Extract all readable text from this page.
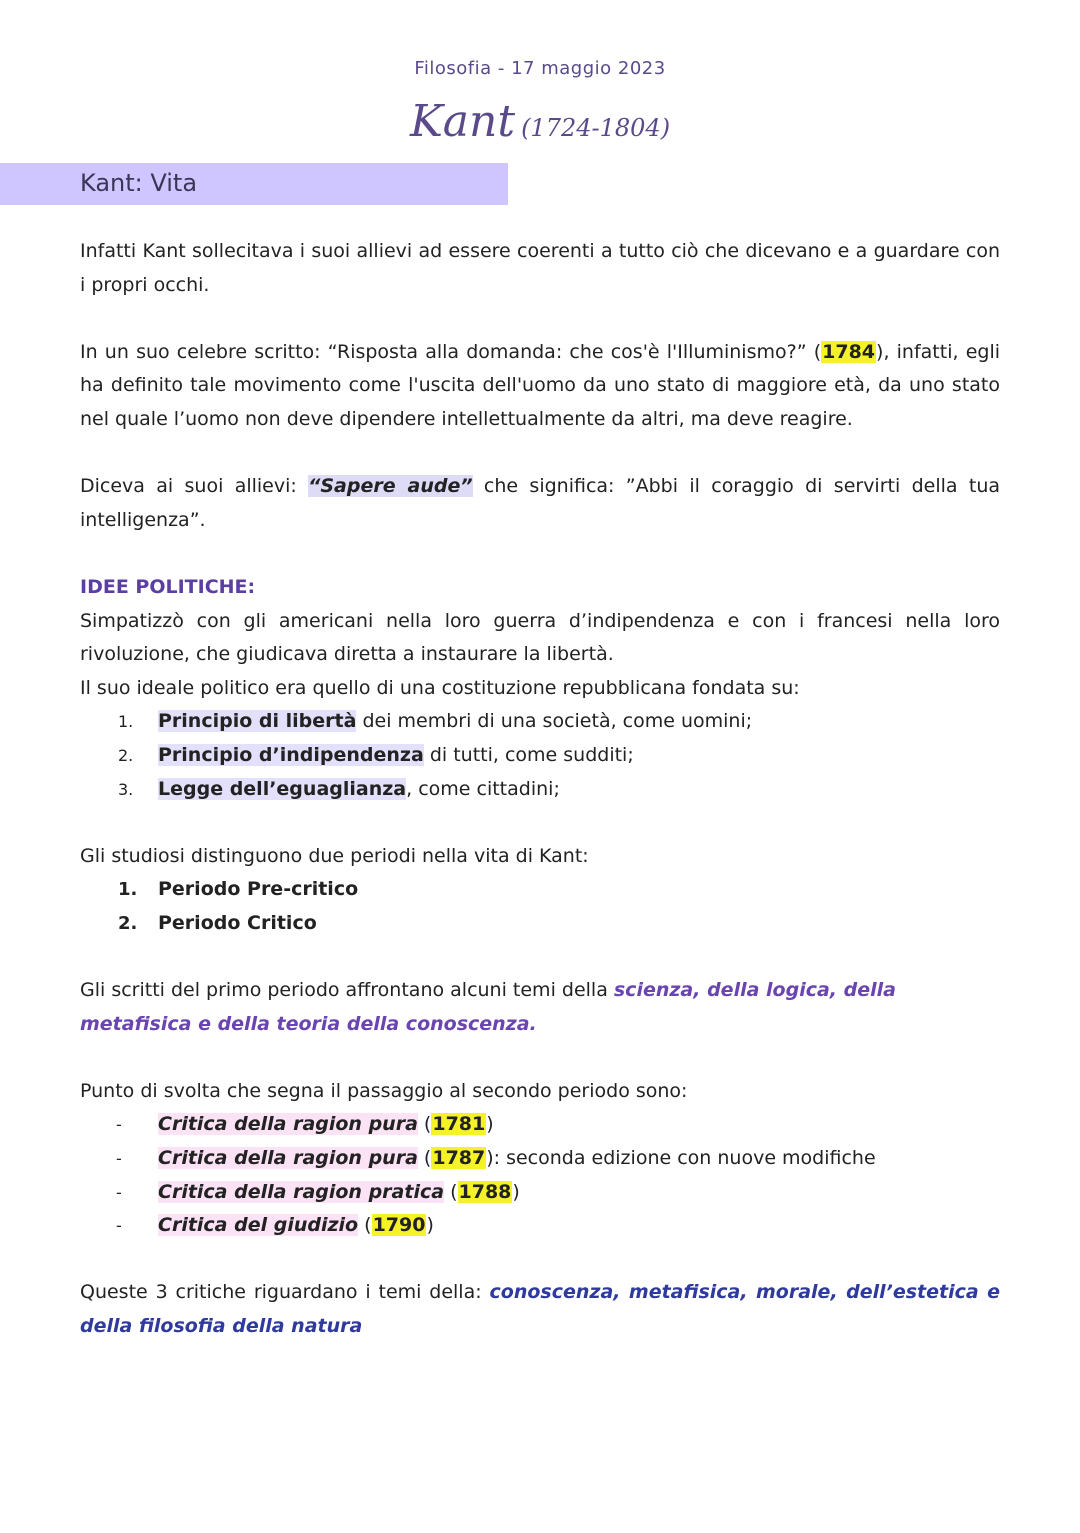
Filosofia - 17 maggio 2023
Kant (1724-1804)
Kant: Vita

Infatti Kant sollecitava i suoi allievi ad essere coerenti a tutto ciò che dicevano e a guardare con i propri occhi.

In un suo celebre scritto: “Risposta alla domanda: che cos'è l'Illuminismo?” (1784), infatti, egli ha definito tale movimento come l'uscita dell'uomo da uno stato di maggiore età, da uno stato nel quale l’uomo non deve dipendere intellettualmente da altri, ma deve reagire.

Diceva ai suoi allievi: “Sapere aude” che significa: ”Abbi il coraggio di servirti della tua intelligenza”.

IDEE POLITICHE:

Simpatizzò con gli americani nella loro guerra d’indipendenza e con i francesi nella loro rivoluzione, che giudicava diretta a instaurare la libertà.

Il suo ideale politico era quello di una costituzione repubblicana fondata su:

1. Principio di libertà dei membri di una società, come uomini;
2. Principio d’indipendenza di tutti, come sudditi;
3. Legge dell’eguaglianza, come cittadini;

Gli studiosi distinguono due periodi nella vita di Kant:

1. Periodo Pre-critico
2. Periodo Critico

Gli scritti del primo periodo affrontano alcuni temi della scienza, della logica, della metafisica e della teoria della conoscenza.

Punto di svolta che segna il passaggio al secondo periodo sono:

- Critica della ragion pura (1781)
- Critica della ragion pura (1787): seconda edizione con nuove modifiche
- Critica della ragion pratica (1788)
- Critica del giudizio (1790)

Queste 3 critiche riguardano i temi della: conoscenza, metafisica, morale, dell’estetica e della filosofia della natura
